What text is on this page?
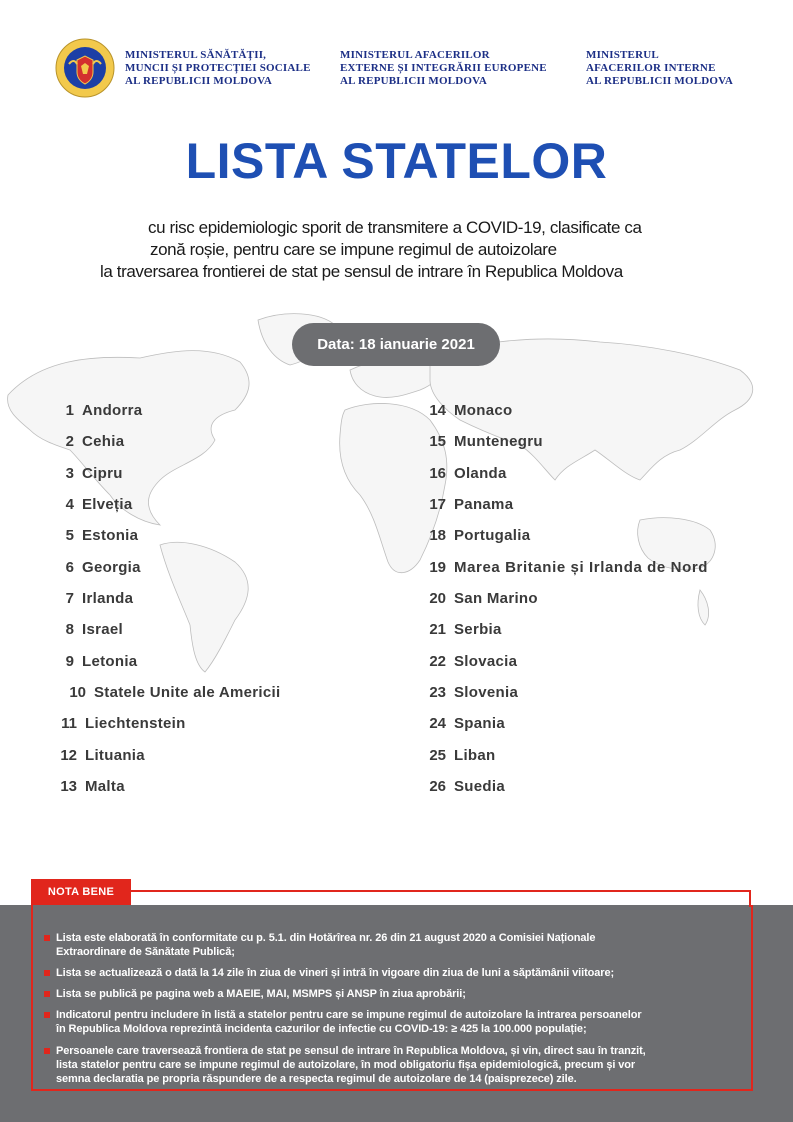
MINISTERUL SĂNĂTĂȚII,
MUNCII ȘI PROTECȚIEI SOCIALE
AL REPUBLICII MOLDOVA
MINISTERUL AFACERILOR
EXTERNE ȘI INTEGRĂRII EUROPENE
AL REPUBLICII MOLDOVA
MINISTERUL
AFACERILOR INTERNE
AL REPUBLICII MOLDOVA
LISTA STATELOR
cu risc epidemiologic sporit de transmitere a COVID-19, clasificate ca
zonă roșie, pentru care se impune regimul de autoizolare
la traversarea frontierei de stat pe sensul de intrare în Republica Moldova
Data: 18 ianuarie 2021
1 Andorra
2 Cehia
3 Cipru
4 Elveția
5 Estonia
6 Georgia
7 Irlanda
8 Israel
9 Letonia
10 Statele Unite ale Americii
11 Liechtenstein
12 Lituania
13 Malta
14 Monaco
15 Muntenegru
16 Olanda
17 Panama
18 Portugalia
19 Marea Britanie și Irlanda de Nord
20 San Marino
21 Serbia
22 Slovacia
23 Slovenia
24 Spania
25 Liban
26 Suedia
NOTA BENE
Lista este elaborată în conformitate cu p. 5.1. din Hotărîrea nr. 26 din 21 august 2020 a Comisiei Naționale
Extraordinare de Sănătate Publică;
Lista se actualizează o dată la 14 zile în ziua de vineri și intră în vigoare din ziua de luni a săptămânii viitoare;
Lista se publică pe pagina web a MAEIE, MAI, MSMPS și ANSP în ziua aprobării;
Indicatorul pentru includere în listă a statelor pentru care se impune regimul de autoizolare la intrarea persoanelor
în Republica Moldova reprezintă incidenta cazurilor de infectie cu COVID-19: ≥ 425 la 100.000 populație;
Persoanele care traversează frontiera de stat pe sensul de intrare în Republica Moldova, și vin, direct sau în tranzit,
lista statelor pentru care se impune regimul de autoizolare, în mod obligatoriu fișa epidemiologică, precum și vor
semna declaratia pe propria răspundere de a respecta regimul de autoizolare de 14 (paisprezece) zile.
